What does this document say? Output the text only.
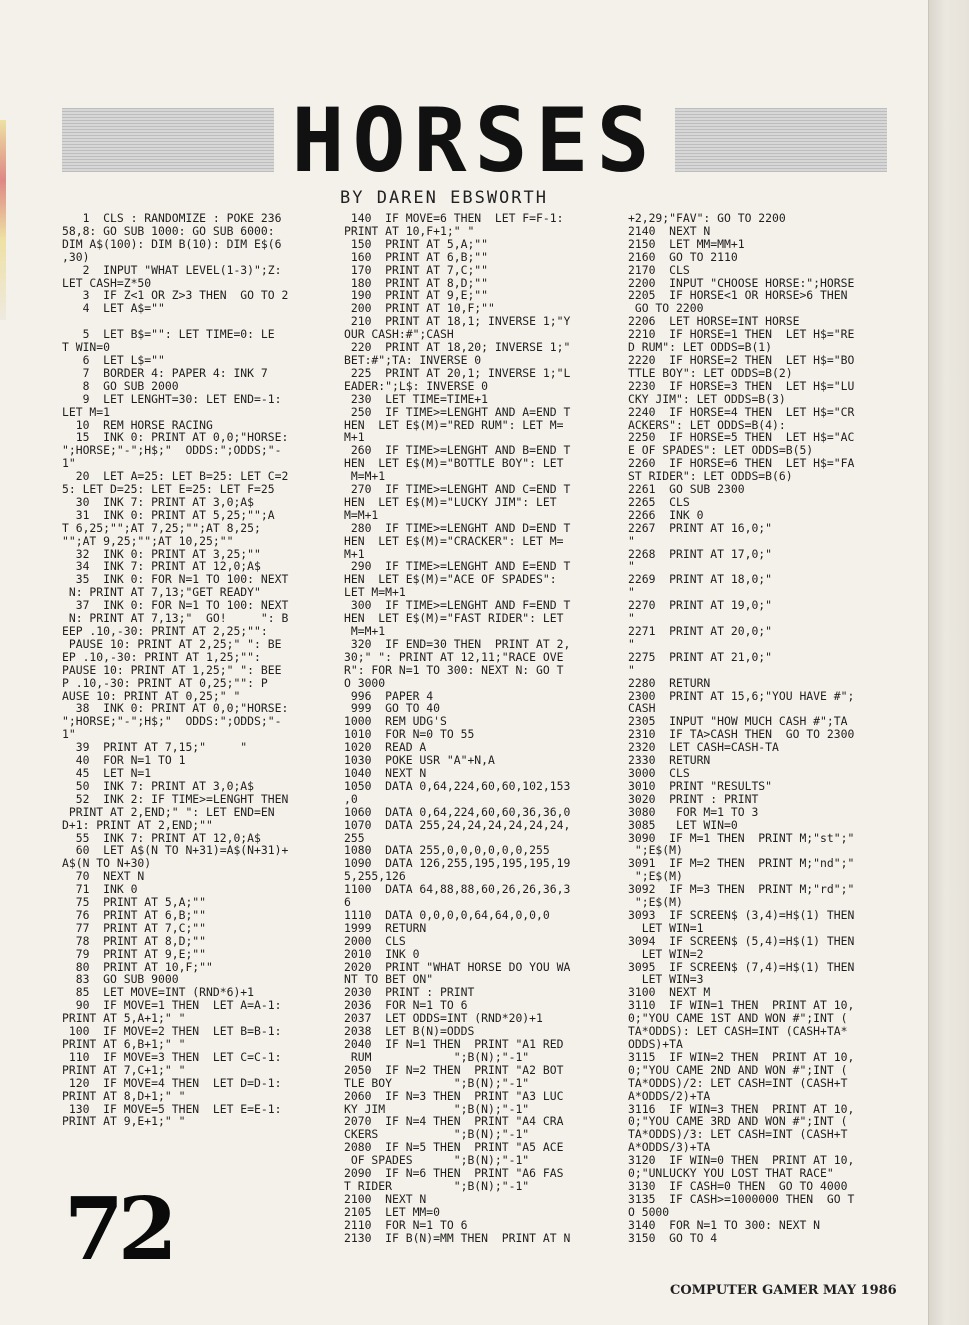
HORSES
BY DAREN EBSWORTH
1  CLS : RANDOMIZE : POKE 236
58,8: GO SUB 1000: GO SUB 6000:
DIM A$(100): DIM B(10): DIM E$(6
,30)
2  INPUT "WHAT LEVEL(1-3)";Z:
LET CASH=Z*50
3  IF Z<1 OR Z>3 THEN  GO TO 2
4  LET A$=""

5  LET B$="": LET TIME=0: LE
T WIN=0
6  LET L$=""
7  BORDER 4: PAPER 4: INK 7
8  GO SUB 2000
9  LET LENGHT=30: LET END=-1:
LET M=1
10  REM HORSE RACING
15  INK 0: PRINT AT 0,0;"HORSE:
";HORSE;"-";H$;"  ODDS:";ODDS;"-
1"
20  LET A=25: LET B=25: LET C=2
5: LET D=25: LET E=25: LET F=25
30  INK 7: PRINT AT 3,0;A$
31  INK 0: PRINT AT 5,25;"";A
T 6,25;"";AT 7,25;"";AT 8,25;
"";AT 9,25;"";AT 10,25;""
32  INK 0: PRINT AT 3,25;""
34  INK 7: PRINT AT 12,0;A$
35  INK 0: FOR N=1 TO 100: NEXT
N: PRINT AT 7,13;"GET READY"
37  INK 0: FOR N=1 TO 100: NEXT
N: PRINT AT 7,13;"  GO!     ": B
EEP .10,-30: PRINT AT 2,25;"":
PAUSE 10: PRINT AT 2,25;" ": BE
EP .10,-30: PRINT AT 1,25;"":
PAUSE 10: PRINT AT 1,25;" ": BEE
P .10,-30: PRINT AT 0,25;"": P
AUSE 10: PRINT AT 0,25;" "
38  INK 0: PRINT AT 0,0;"HORSE:
";HORSE;"-";H$;"  ODDS:";ODDS;"-
1"
39  PRINT AT 7,15;"     "
40  FOR N=1 TO 1
45  LET N=1
50  INK 7: PRINT AT 3,0;A$
52  INK 2: IF TIME>=LENGHT THEN
PRINT AT 2,END;" ": LET END=EN
D+1: PRINT AT 2,END;""
55  INK 7: PRINT AT 12,0;A$
60  LET A$(N TO N+31)=A$(N+31)+
A$(N TO N+30)
70  NEXT N
71  INK 0
75  PRINT AT 5,A;""
76  PRINT AT 6,B;""
77  PRINT AT 7,C;""
78  PRINT AT 8,D;""
79  PRINT AT 9,E;""
80  PRINT AT 10,F;""
83  GO SUB 9000
85  LET MOVE=INT (RND*6)+1
90  IF MOVE=1 THEN  LET A=A-1:
PRINT AT 5,A+1;" "
100  IF MOVE=2 THEN  LET B=B-1:
PRINT AT 6,B+1;" "
110  IF MOVE=3 THEN  LET C=C-1:
PRINT AT 7,C+1;" "
120  IF MOVE=4 THEN  LET D=D-1:
PRINT AT 8,D+1;" "
130  IF MOVE=5 THEN  LET E=E-1:
PRINT AT 9,E+1;" "
140  IF MOVE=6 THEN  LET F=F-1:
PRINT AT 10,F+1;" "
150  PRINT AT 5,A;""
160  PRINT AT 6,B;""
170  PRINT AT 7,C;""
180  PRINT AT 8,D;""
190  PRINT AT 9,E;""
200  PRINT AT 10,F;""
210  PRINT AT 18,1; INVERSE 1;"Y
OUR CASH:#";CASH
220  PRINT AT 18,20; INVERSE 1;"
BET:#";TA: INVERSE 0
225  PRINT AT 20,1; INVERSE 1;"L
EADER:";L$: INVERSE 0
230  LET TIME=TIME+1
250  IF TIME>=LENGHT AND A=END T
HEN  LET E$(M)="RED RUM": LET M=
M+1
260  IF TIME>=LENGHT AND B=END T
HEN  LET E$(M)="BOTTLE BOY": LET
M=M+1
270  IF TIME>=LENGHT AND C=END T
HEN  LET E$(M)="LUCKY JIM": LET
M=M+1
280  IF TIME>=LENGHT AND D=END T
HEN  LET E$(M)="CRACKER": LET M=
M+1
290  IF TIME>=LENGHT AND E=END T
HEN  LET E$(M)="ACE OF SPADES":
LET M=M+1
300  IF TIME>=LENGHT AND F=END T
HEN  LET E$(M)="FAST RIDER": LET
M=M+1
320  IF END=30 THEN  PRINT AT 2,
30;" ": PRINT AT 12,11;"RACE OVE
R": FOR N=1 TO 300: NEXT N: GO T
O 3000
996  PAPER 4
999  GO TO 40
1000  REM UDG'S
1010  FOR N=0 TO 55
1020  READ A
1030  POKE USR "A"+N,A
1040  NEXT N
1050  DATA 0,64,224,60,60,102,153
,0
1060  DATA 0,64,224,60,60,36,36,0
1070  DATA 255,24,24,24,24,24,24,
255
1080  DATA 255,0,0,0,0,0,0,255
1090  DATA 126,255,195,195,195,19
5,255,126
1100  DATA 64,88,88,60,26,26,36,3
6
1110  DATA 0,0,0,0,64,64,0,0,0
1999  RETURN
2000  CLS
2010  INK 0
2020  PRINT "WHAT HORSE DO YOU WA
NT TO BET ON"
2030  PRINT : PRINT
2036  FOR N=1 TO 6
2037  LET ODDS=INT (RND*20)+1
2038  LET B(N)=ODDS
2040  IF N=1 THEN  PRINT "A1 RED
RUM            ";B(N);"-1"
2050  IF N=2 THEN  PRINT "A2 BOT
TLE BOY         ";B(N);"-1"
2060  IF N=3 THEN  PRINT "A3 LUC
KY JIM          ";B(N);"-1"
2070  IF N=4 THEN  PRINT "A4 CRA
CKERS           ";B(N);"-1"
2080  IF N=5 THEN  PRINT "A5 ACE
OF SPADES      ";B(N);"-1"
2090  IF N=6 THEN  PRINT "A6 FAS
T RIDER         ";B(N);"-1"
2100  NEXT N
2105  LET MM=0
2110  FOR N=1 TO 6
2130  IF B(N)=MM THEN  PRINT AT N
+2,29;"FAV": GO TO 2200
2140  NEXT N
2150  LET MM=MM+1
2160  GO TO 2110
2170  CLS
2200  INPUT "CHOOSE HORSE:";HORSE
2205  IF HORSE<1 OR HORSE>6 THEN
GO TO 2200
2206  LET HORSE=INT HORSE
2210  IF HORSE=1 THEN  LET H$="RE
D RUM": LET ODDS=B(1)
2220  IF HORSE=2 THEN  LET H$="BO
TTLE BOY": LET ODDS=B(2)
2230  IF HORSE=3 THEN  LET H$="LU
CKY JIM": LET ODDS=B(3)
2240  IF HORSE=4 THEN  LET H$="CR
ACKERS": LET ODDS=B(4):
2250  IF HORSE=5 THEN  LET H$="AC
E OF SPADES": LET ODDS=B(5)
2260  IF HORSE=6 THEN  LET H$="FA
ST RIDER": LET ODDS=B(6)
2261  GO SUB 2300
2265  CLS
2266  INK 0
2267  PRINT AT 16,0;"
"
2268  PRINT AT 17,0;"
"
2269  PRINT AT 18,0;"
"
2270  PRINT AT 19,0;"
"
2271  PRINT AT 20,0;"
"
2275  PRINT AT 21,0;"
"
2280  RETURN
2300  PRINT AT 15,6;"YOU HAVE #";
CASH
2305  INPUT "HOW MUCH CASH #";TA
2310  IF TA>CASH THEN  GO TO 2300
2320  LET CASH=CASH-TA
2330  RETURN
3000  CLS
3010  PRINT "RESULTS"
3020  PRINT : PRINT
3080   FOR M=1 TO 3
3085   LET WIN=0
3090  IF M=1 THEN  PRINT M;"st";"
";E$(M)
3091  IF M=2 THEN  PRINT M;"nd";"
";E$(M)
3092  IF M=3 THEN  PRINT M;"rd";"
";E$(M)
3093  IF SCREEN$ (3,4)=H$(1) THEN
LET WIN=1
3094  IF SCREEN$ (5,4)=H$(1) THEN
LET WIN=2
3095  IF SCREEN$ (7,4)=H$(1) THEN
LET WIN=3
3100  NEXT M
3110  IF WIN=1 THEN  PRINT AT 10,
0;"YOU CAME 1ST AND WON #";INT (
TA*ODDS): LET CASH=INT (CASH+TA*
ODDS)+TA
3115  IF WIN=2 THEN  PRINT AT 10,
0;"YOU CAME 2ND AND WON #";INT (
TA*ODDS)/2: LET CASH=INT (CASH+T
A*ODDS/2)+TA
3116  IF WIN=3 THEN  PRINT AT 10,
0;"YOU CAME 3RD AND WON #";INT (
TA*ODDS)/3: LET CASH=INT (CASH+T
A*ODDS/3)+TA
3120  IF WIN=0 THEN  PRINT AT 10,
0;"UNLUCKY YOU LOST THAT RACE"
3130  IF CASH=0 THEN  GO TO 4000
3135  IF CASH>=1000000 THEN  GO T
O 5000
3140  FOR N=1 TO 300: NEXT N
3150  GO TO 4
72
COMPUTER GAMER MAY 1986
